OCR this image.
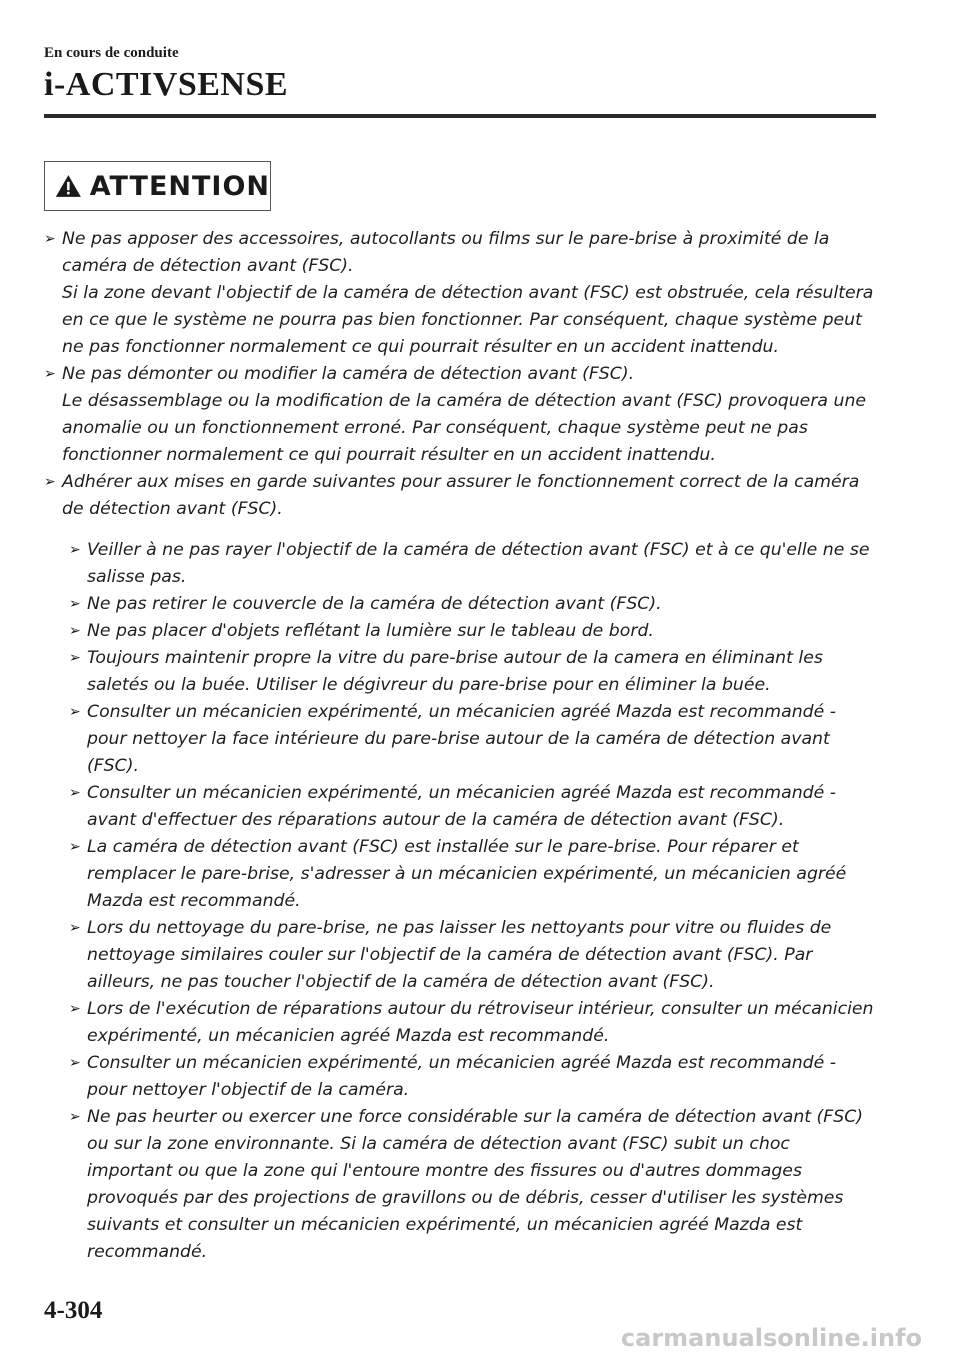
En cours de conduite
i-ACTIVSENSE
ATTENTION
➢ Ne pas apposer des accessoires, autocollants ou films sur le pare-brise à proximité de la caméra de détection avant (FSC).
Si la zone devant l'objectif de la caméra de détection avant (FSC) est obstruée, cela résultera en ce que le système ne pourra pas bien fonctionner. Par conséquent, chaque système peut ne pas fonctionner normalement ce qui pourrait résulter en un accident inattendu.
➢ Ne pas démonter ou modifier la caméra de détection avant (FSC).
Le désassemblage ou la modification de la caméra de détection avant (FSC) provoquera une anomalie ou un fonctionnement erroné. Par conséquent, chaque système peut ne pas fonctionner normalement ce qui pourrait résulter en un accident inattendu.
➢ Adhérer aux mises en garde suivantes pour assurer le fonctionnement correct de la caméra de détection avant (FSC).
➢ Veiller à ne pas rayer l'objectif de la caméra de détection avant (FSC) et à ce qu'elle ne se salisse pas.
➢ Ne pas retirer le couvercle de la caméra de détection avant (FSC).
➢ Ne pas placer d'objets reflétant la lumière sur le tableau de bord.
➢ Toujours maintenir propre la vitre du pare-brise autour de la camera en éliminant les saletés ou la buée. Utiliser le dégivreur du pare-brise pour en éliminer la buée.
➢ Consulter un mécanicien expérimenté, un mécanicien agréé Mazda est recommandé - pour nettoyer la face intérieure du pare-brise autour de la caméra de détection avant (FSC).
➢ Consulter un mécanicien expérimenté, un mécanicien agréé Mazda est recommandé - avant d'effectuer des réparations autour de la caméra de détection avant (FSC).
➢ La caméra de détection avant (FSC) est installée sur le pare-brise. Pour réparer et remplacer le pare-brise, s'adresser à un mécanicien expérimenté, un mécanicien agréé Mazda est recommandé.
➢ Lors du nettoyage du pare-brise, ne pas laisser les nettoyants pour vitre ou fluides de nettoyage similaires couler sur l'objectif de la caméra de détection avant (FSC). Par ailleurs, ne pas toucher l'objectif de la caméra de détection avant (FSC).
➢ Lors de l'exécution de réparations autour du rétroviseur intérieur, consulter un mécanicien expérimenté, un mécanicien agréé Mazda est recommandé.
➢ Consulter un mécanicien expérimenté, un mécanicien agréé Mazda est recommandé - pour nettoyer l'objectif de la caméra.
➢ Ne pas heurter ou exercer une force considérable sur la caméra de détection avant (FSC) ou sur la zone environnante. Si la caméra de détection avant (FSC) subit un choc important ou que la zone qui l'entoure montre des fissures ou d'autres dommages provoqués par des projections de gravillons ou de débris, cesser d'utiliser les systèmes suivants et consulter un mécanicien expérimenté, un mécanicien agréé Mazda est recommandé.
4-304
carmanualsonline.info
